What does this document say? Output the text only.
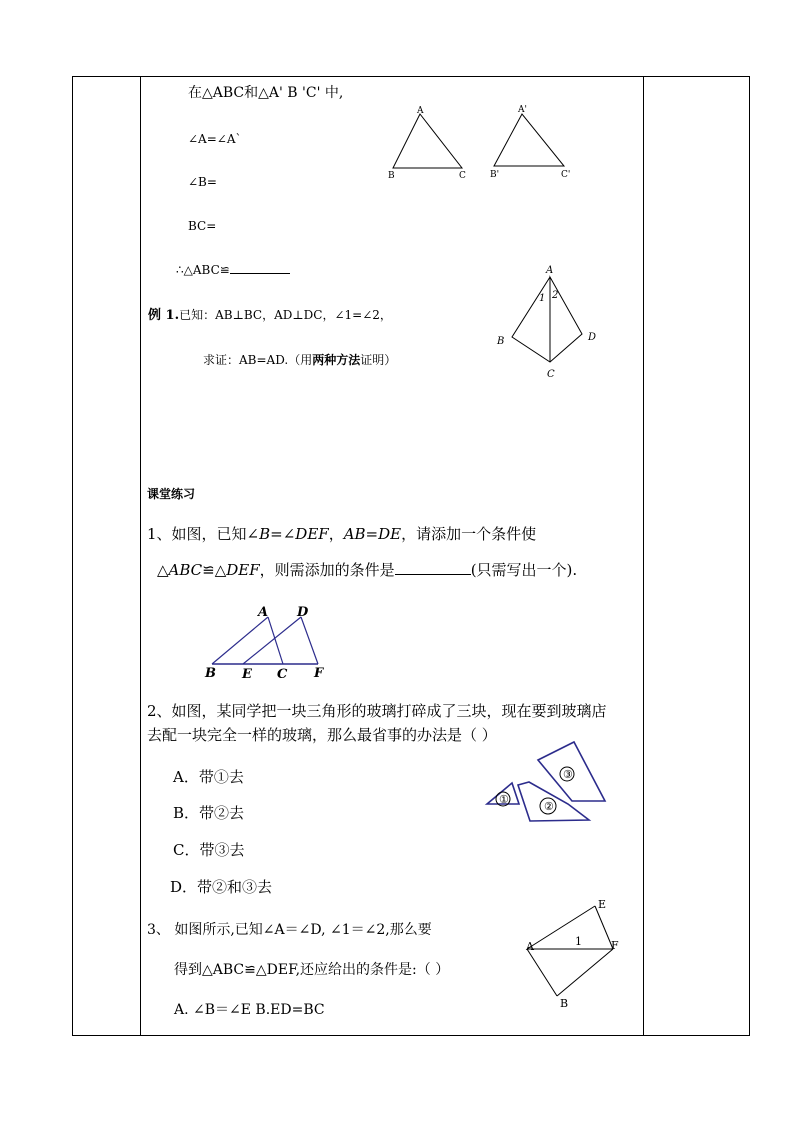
在△ABC和△A' B 'C' 中,
∠A=∠A`
∠B=
BC=
∴△ABC≌
A
B	C
A'
B'	C'
例 1.已知：AB⊥BC，AD⊥DC，∠1=∠2，
求证：AB=AD.（用两种方法证明）
A
B
C
D
1 2
课堂练习
1、如图，已知∠B=∠DEF，AB=DE，请添加一个条件使
△ABC≌△DEF，则需添加的条件是	(只需写出一个).
A D
B E C F
2、如图，某同学把一块三角形的玻璃打碎成了三块，现在要到玻璃店
去配一块完全一样的玻璃，那么最省事的办法是（ ）
A．带①去
B．带②去
C．带③去
D．带②和③去
①
③
②
3、 如图所示,已知∠A＝∠D, ∠1＝∠2,那么要
得到△ABC≌△DEF,还应给出的条件是:（ ）
A. ∠B＝∠E B.ED=BC
E
A	1	F
B
